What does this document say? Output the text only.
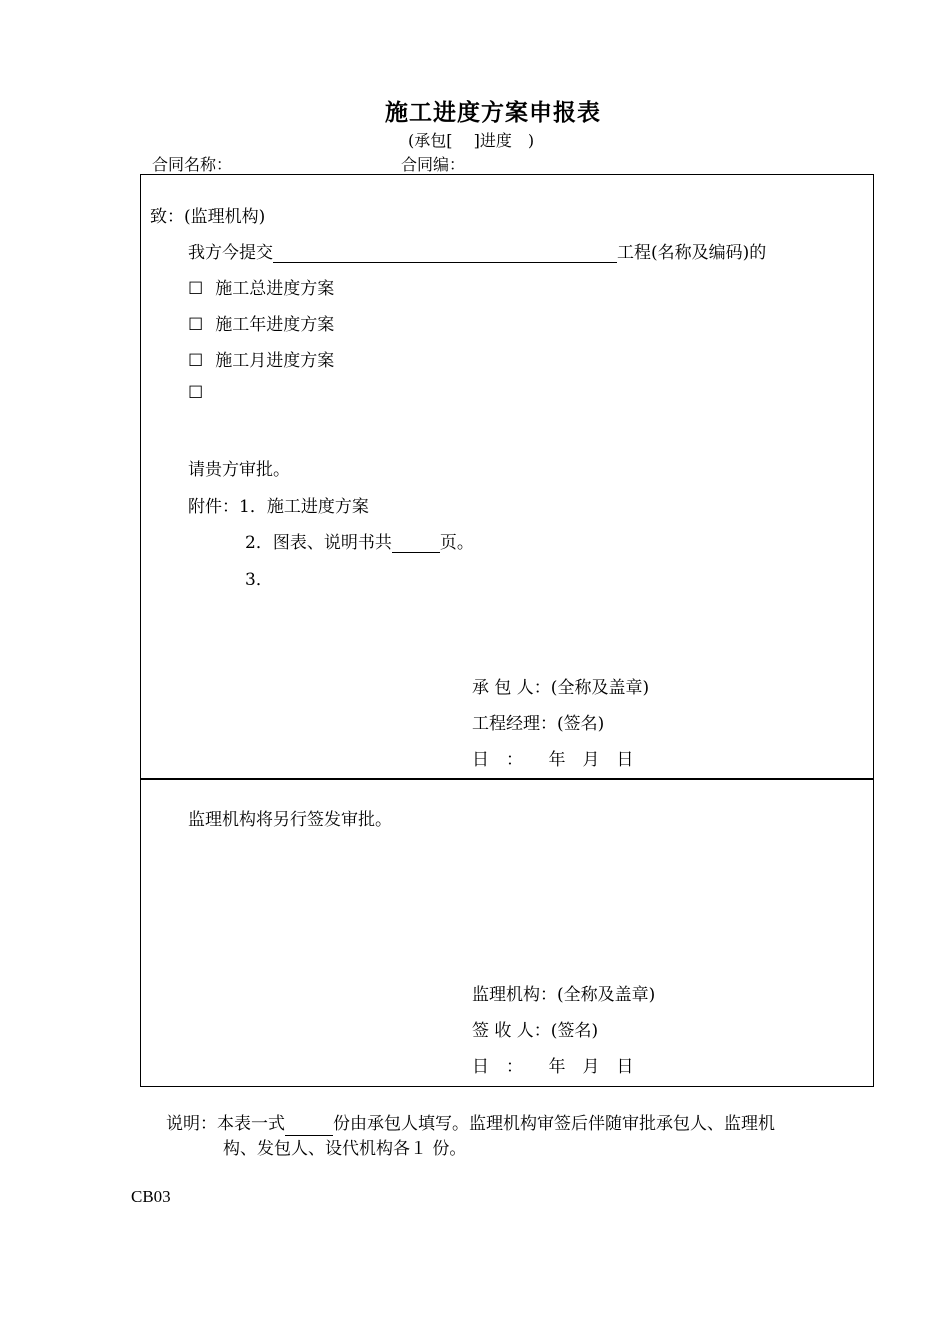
施工进度方案申报表
(承包[　 ]进度　)
合同名称：	合同编：
致：(监理机构)
我方今提交	工程(名称及编码)的
☐ 施工总进度方案
☐ 施工年进度方案
☐ 施工月进度方案
☐
请贵方审批。
附件：1．施工进度方案
2．图表、说明书共	页。
3．
承 包 人：(全称及盖章)
工程经理：(签名)
日　：　　年　月　日
监理机构将另行签发审批。
监理机构：(全称及盖章)
签 收 人：(签名)
日　：　　年　月　日
说明：本表一式	份由承包人填写。监理机构审签后伴随审批承包人、监理机
构、发包人、设代机构各１ 份。
CB03
